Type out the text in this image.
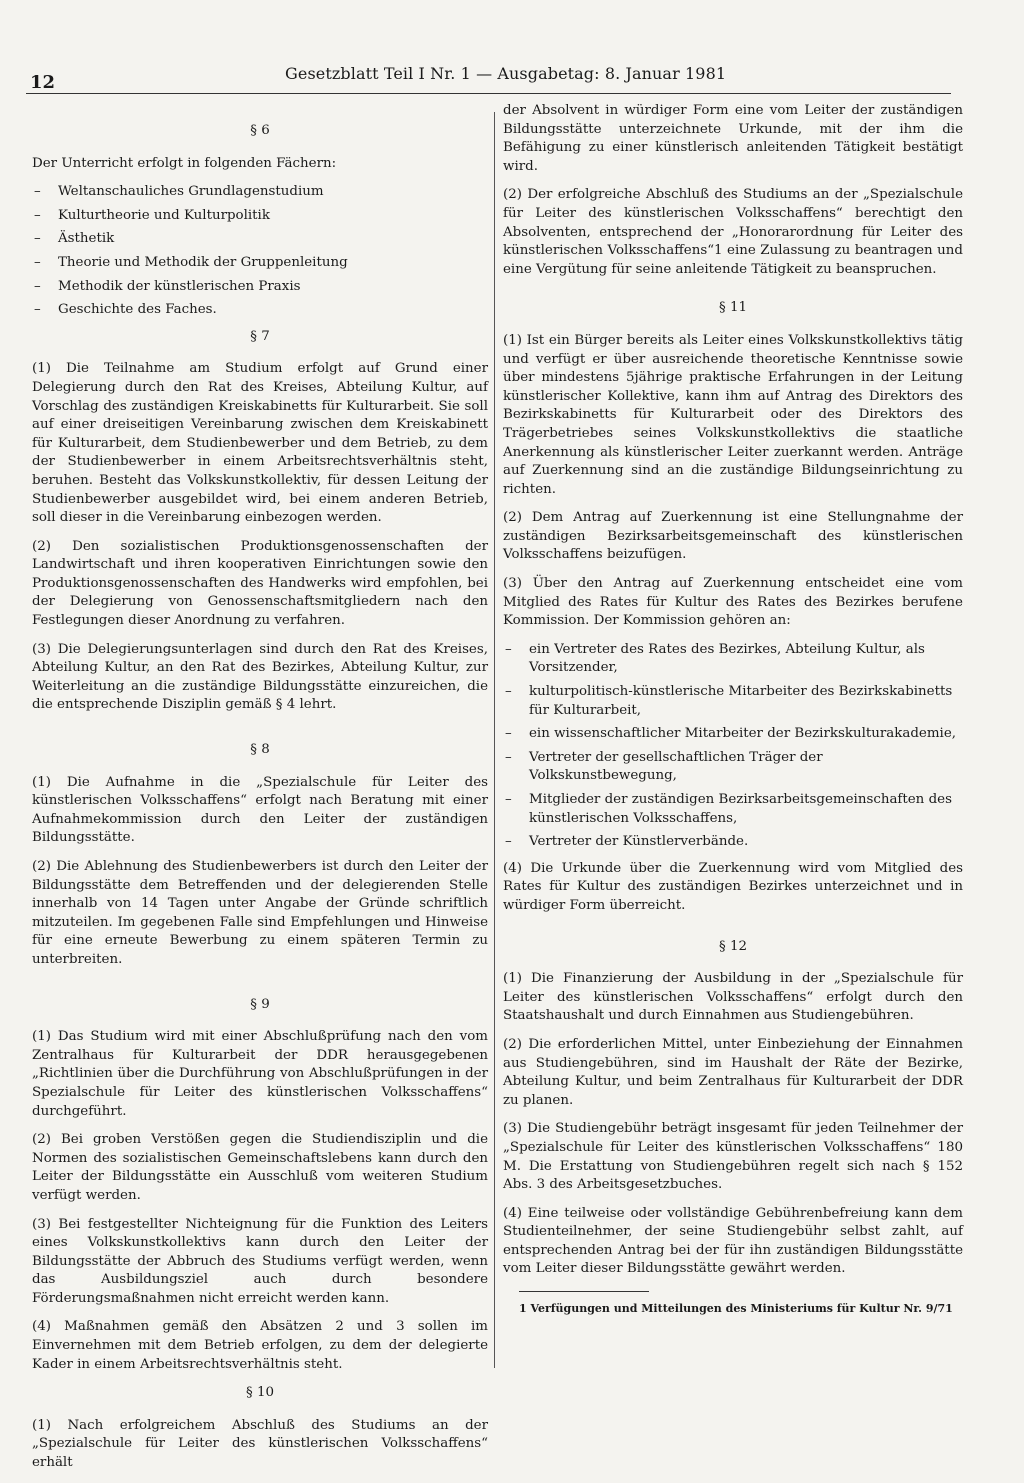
12	Gesetzblatt Teil I Nr. 1 — Ausgabetag: 8. Januar 1981
§ 6

Der Unterricht erfolgt in folgenden Fächern:

– Weltanschauliches Grundlagenstudium
– Kulturtheorie und Kulturpolitik
– Ästhetik
– Theorie und Methodik der Gruppenleitung
– Methodik der künstlerischen Praxis
– Geschichte des Faches.
§ 7

(1) Die Teilnahme am Studium erfolgt auf Grund einer Delegierung durch den Rat des Kreises, Abteilung Kultur, auf Vorschlag des zuständigen Kreiskabinetts für Kulturarbeit. Sie soll auf einer dreiseitigen Vereinbarung zwischen dem Kreiskabinett für Kulturarbeit, dem Studienbewerber und dem Betrieb, zu dem der Studienbewerber in einem Arbeitsrechtsverhältnis steht, beruhen. Besteht das Volkskunstkollektiv, für dessen Leitung der Studienbewerber ausgebildet wird, bei einem anderen Betrieb, soll dieser in die Vereinbarung einbezogen werden.

(2) Den sozialistischen Produktionsgenossenschaften der Landwirtschaft und ihren kooperativen Einrichtungen sowie den Produktionsgenossenschaften des Handwerks wird empfohlen, bei der Delegierung von Genossenschaftsmitgliedern nach den Festlegungen dieser Anordnung zu verfahren.

(3) Die Delegierungsunterlagen sind durch den Rat des Kreises, Abteilung Kultur, an den Rat des Bezirkes, Abteilung Kultur, zur Weiterleitung an die zuständige Bildungsstätte einzureichen, die die entsprechende Disziplin gemäß § 4 lehrt.

§ 8

(1) Die Aufnahme in die „Spezialschule für Leiter des künstlerischen Volksschaffens“ erfolgt nach Beratung mit einer Aufnahmekommission durch den Leiter der zuständigen Bildungsstätte.

(2) Die Ablehnung des Studienbewerbers ist durch den Leiter der Bildungsstätte dem Betreffenden und der delegierenden Stelle innerhalb von 14 Tagen unter Angabe der Gründe schriftlich mitzuteilen. Im gegebenen Falle sind Empfehlungen und Hinweise für eine erneute Bewerbung zu einem späteren Termin zu unterbreiten.

§ 9

(1) Das Studium wird mit einer Abschlußprüfung nach den vom Zentralhaus für Kulturarbeit der DDR herausgegebenen „Richtlinien über die Durchführung von Abschlußprüfungen in der Spezialschule für Leiter des künstlerischen Volksschaffens“ durchgeführt.

(2) Bei groben Verstößen gegen die Studiendisziplin und die Normen des sozialistischen Gemeinschaftslebens kann durch den Leiter der Bildungsstätte ein Ausschluß vom weiteren Studium verfügt werden.

(3) Bei festgestellter Nichteignung für die Funktion des Leiters eines Volkskunstkollektivs kann durch den Leiter der Bildungsstätte der Abbruch des Studiums verfügt werden, wenn das Ausbildungsziel auch durch besondere Förderungsmaßnahmen nicht erreicht werden kann.

(4) Maßnahmen gemäß den Absätzen 2 und 3 sollen im Einvernehmen mit dem Betrieb erfolgen, zu dem der delegierte Kader in einem Arbeitsrechtsverhältnis steht.

§ 10

(1) Nach erfolgreichem Abschluß des Studiums an der „Spezialschule für Leiter des künstlerischen Volksschaffens“ erhält

der Absolvent in würdiger Form eine vom Leiter der zuständigen Bildungsstätte unterzeichnete Urkunde, mit der ihm die Befähigung zu einer künstlerisch anleitenden Tätigkeit bestätigt wird.

(2) Der erfolgreiche Abschluß des Studiums an der „Spezialschule für Leiter des künstlerischen Volksschaffens“ berechtigt den Absolventen, entsprechend der „Honorarordnung für Leiter des künstlerischen Volksschaffens“1 eine Zulassung zu beantragen und eine Vergütung für seine anleitende Tätigkeit zu beanspruchen.

§ 11

(1) Ist ein Bürger bereits als Leiter eines Volkskunstkollektivs tätig und verfügt er über ausreichende theoretische Kenntnisse sowie über mindestens 5jährige praktische Erfahrungen in der Leitung künstlerischer Kollektive, kann ihm auf Antrag des Direktors des Bezirkskabinetts für Kulturarbeit oder des Direktors des Trägerbetriebes seines Volkskunstkollektivs die staatliche Anerkennung als künstlerischer Leiter zuerkannt werden. Anträge auf Zuerkennung sind an die zuständige Bildungseinrichtung zu richten.

(2) Dem Antrag auf Zuerkennung ist eine Stellungnahme der zuständigen Bezirksarbeitsgemeinschaft des künstlerischen Volksschaffens beizufügen.

(3) Über den Antrag auf Zuerkennung entscheidet eine vom Mitglied des Rates für Kultur des Rates des Bezirkes berufene Kommission. Der Kommission gehören an:

– ein Vertreter des Rates des Bezirkes, Abteilung Kultur, als Vorsitzender,
– kulturpolitisch-künstlerische Mitarbeiter des Bezirkskabinetts für Kulturarbeit,
– ein wissenschaftlicher Mitarbeiter der Bezirkskulturakademie,
– Vertreter der gesellschaftlichen Träger der Volkskunstbewegung,
– Mitglieder der zuständigen Bezirksarbeitsgemeinschaften des künstlerischen Volksschaffens,
– Vertreter der Künstlerverbände.

(4) Die Urkunde über die Zuerkennung wird vom Mitglied des Rates für Kultur des zuständigen Bezirkes unterzeichnet und in würdiger Form überreicht.

§ 12

(1) Die Finanzierung der Ausbildung in der „Spezialschule für Leiter des künstlerischen Volksschaffens“ erfolgt durch den Staatshaushalt und durch Einnahmen aus Studiengebühren.

(2) Die erforderlichen Mittel, unter Einbeziehung der Einnahmen aus Studiengebühren, sind im Haushalt der Räte der Bezirke, Abteilung Kultur, und beim Zentralhaus für Kulturarbeit der DDR zu planen.

(3) Die Studiengebühr beträgt insgesamt für jeden Teilnehmer der „Spezialschule für Leiter des künstlerischen Volksschaffens“ 180 M. Die Erstattung von Studiengebühren regelt sich nach § 152 Abs. 3 des Arbeitsgesetzbuches.

(4) Eine teilweise oder vollständige Gebührenbefreiung kann dem Studienteilnehmer, der seine Studiengebühr selbst zahlt, auf entsprechenden Antrag bei der für ihn zuständigen Bildungsstätte vom Leiter dieser Bildungsstätte gewährt werden.

1 Verfügungen und Mitteilungen des Ministeriums für Kultur Nr. 9/71
